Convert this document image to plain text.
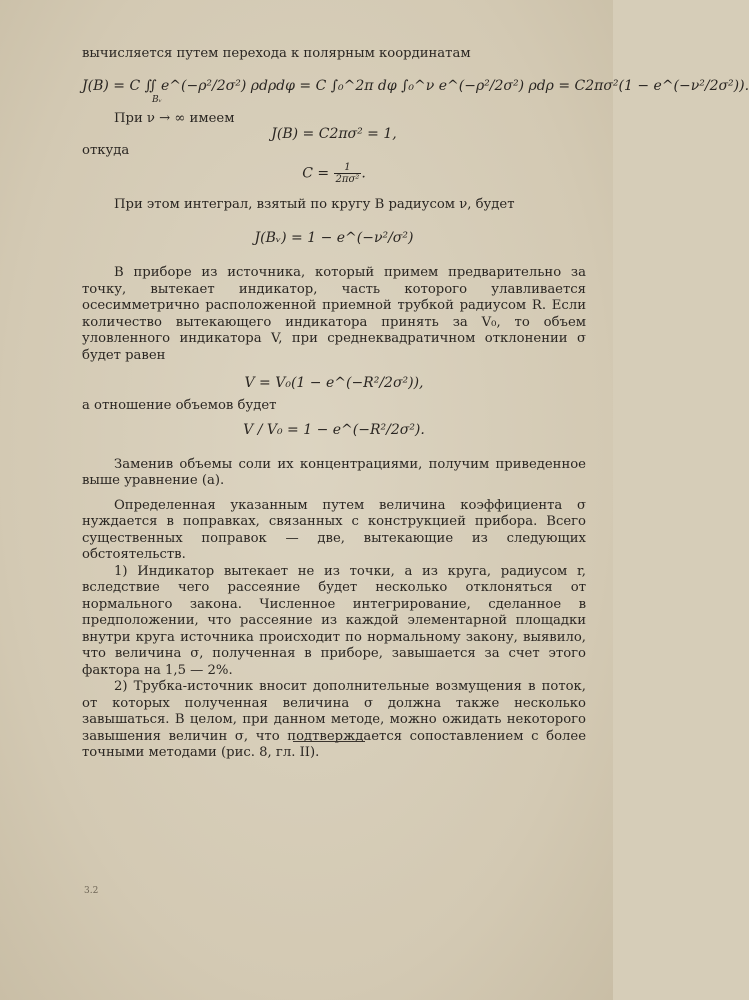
вычисляется путем перехода к полярным координатам

J(B) = C ∬ e^(−ρ²/2σ²) ρdρdφ = C ∫₀^2π dφ ∫₀^ν e^(−ρ²/2σ²) ρdρ = C2πσ²(1 − e^(−ν²/2σ²)).
Bᵥ

При ν → ∞ имеем

J(B) = C2πσ² = 1,

откуда

$C = \frac{1}{\text{2πσ²}}$ .

При этом интеграл, взятый по кругу B радиусом ν, будет

J(Bᵥ) = 1 − e^(−ν²/σ²)

В приборе из источника, который примем предварительно за точку, вытекает индикатор, часть которого улавливается осесимметрично расположенной приемной трубкой радиусом R. Если количество вытекающего индикатора принять за V₀, то объем уловленного индикатора V, при среднеквадратичном отклонении σ будет равен

V = V₀(1 − e^(−R²/2σ²)),

а отношение объемов будет

V / V₀ = 1 − e^(−R²/2σ²).

Заменив объемы соли их концентрациями, получим приведенное выше уравнение (a).

Определенная указанным путем величина коэффициента σ нуждается в поправках, связанных с конструкцией прибора. Всего существенных поправок — две, вытекающие из следующих обстоятельств.

1) Индикатор вытекает не из точки, а из круга, радиусом r, вследствие чего рассеяние будет несколько отклоняться от нормального закона. Численное интегрирование, сделанное в предположении, что рассеяние из каждой элементарной площадки внутри круга источника происходит по нормальному закону, выявило, что величина σ, полученная в приборе, завышается за счет этого фактора на 1,5 — 2%.

2) Трубка-источник вносит дополнительные возмущения в поток, от которых полученная величина σ должна также несколько завышаться. В целом, при данном методе, можно ожидать некоторого завышения величин σ, что подтверждается сопоставлением с более точными методами (рис. 8, гл. II).

3.2
